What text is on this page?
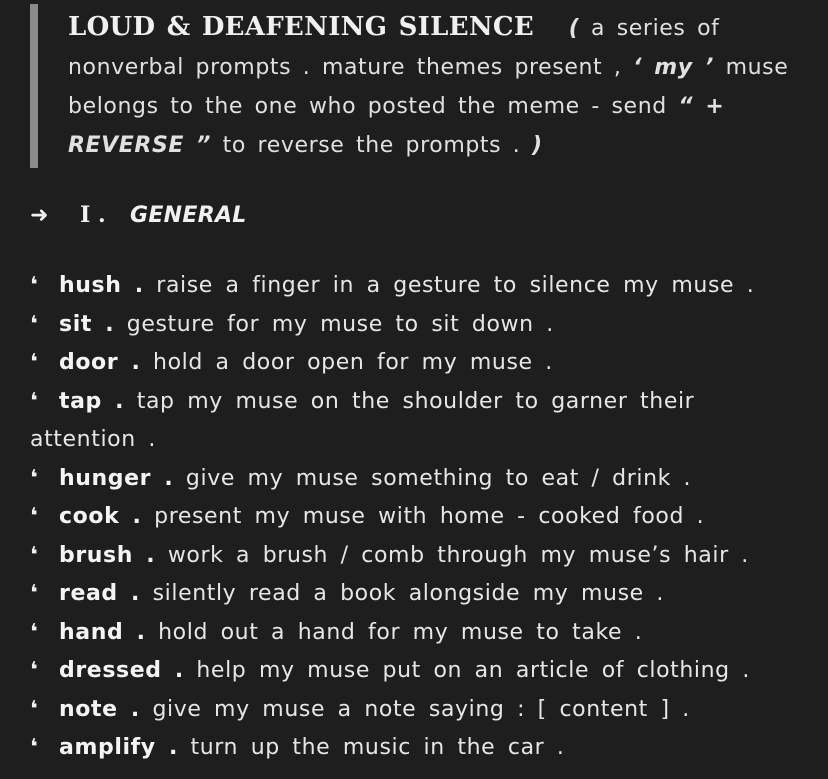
LOUD & DEAFENING SILENCE ( a series of
nonverbal prompts . mature themes present , ‘ my ’ muse
belongs to the one who posted the meme - send “ +
REVERSE ” to reverse the prompts . )
➜ I . GENERAL
❛ hush . raise a finger in a gesture to silence my muse .
❛ sit . gesture for my muse to sit down .
❛ door . hold a door open for my muse .
❛ tap . tap my muse on the shoulder to garner their attention .
❛ hunger . give my muse something to eat / drink .
❛ cook . present my muse with home - cooked food .
❛ brush . work a brush / comb through my muse’s hair .
❛ read . silently read a book alongside my muse .
❛ hand . hold out a hand for my muse to take .
❛ dressed . help my muse put on an article of clothing .
❛ note . give my muse a note saying : [ content ] .
❛ amplify . turn up the music in the car .
